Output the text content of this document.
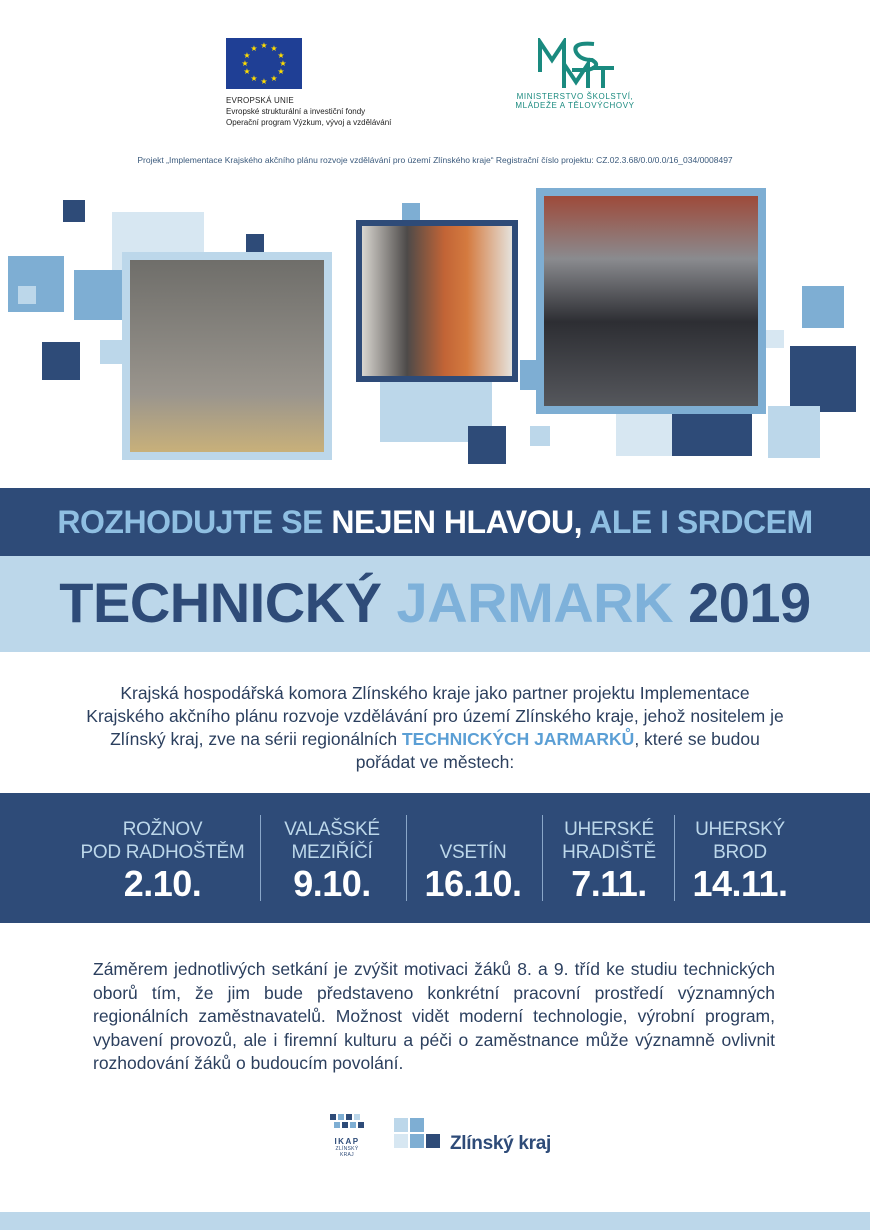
★ ★
★
★
★
★
★
★
★
★
★
★
EVROPSKÁ UNIE
Evropské strukturální a investiční fondy
Operační program Výzkum, vývoj a vzdělávání
MINISTERSTVO ŠKOLSTVÍ,
MLÁDEŽE A TĚLOVÝCHOVY
Projekt „Implementace Krajského akčního plánu rozvoje vzdělávání pro území Zlínského kraje“ Registrační číslo projektu: CZ.02.3.68/0.0/0.0/16_034/0008497
ROZHODUJTE SE NEJEN HLAVOU, ALE I SRDCEM
TECHNICKÝ JARMARK 2019
Krajská hospodářská komora Zlínského kraje jako partner projektu Implementace Krajského akčního plánu rozvoje vzdělávání pro území Zlínského kraje, jehož nositelem je Zlínský kraj, zve na sérii regionálních TECHNICKÝCH JARMARKŮ, které se budou pořádat ve městech:
ROŽNOV
POD RADHOŠTĚM
2.10.
VALAŠSKÉ
MEZIŘÍČÍ
9.10.
VSETÍN
16.10.
UHERSKÉ
HRADIŠTĚ
7.11.
UHERSKÝ
BROD
14.11.
Záměrem jednotlivých setkání je zvýšit motivaci žáků 8. a 9. tříd ke studiu technických oborů tím, že jim bude představeno konkrétní pracovní prostředí významných regionálních zaměstnavatelů. Možnost vidět moderní technologie, výrobní program, vybavení provozů, ale i firemní kulturu a péči o zaměstnance může významně ovlivnit rozhodování žáků o budoucím povolání.
IKAP
ZLÍNSKÝ KRAJ
Zlínský kraj
